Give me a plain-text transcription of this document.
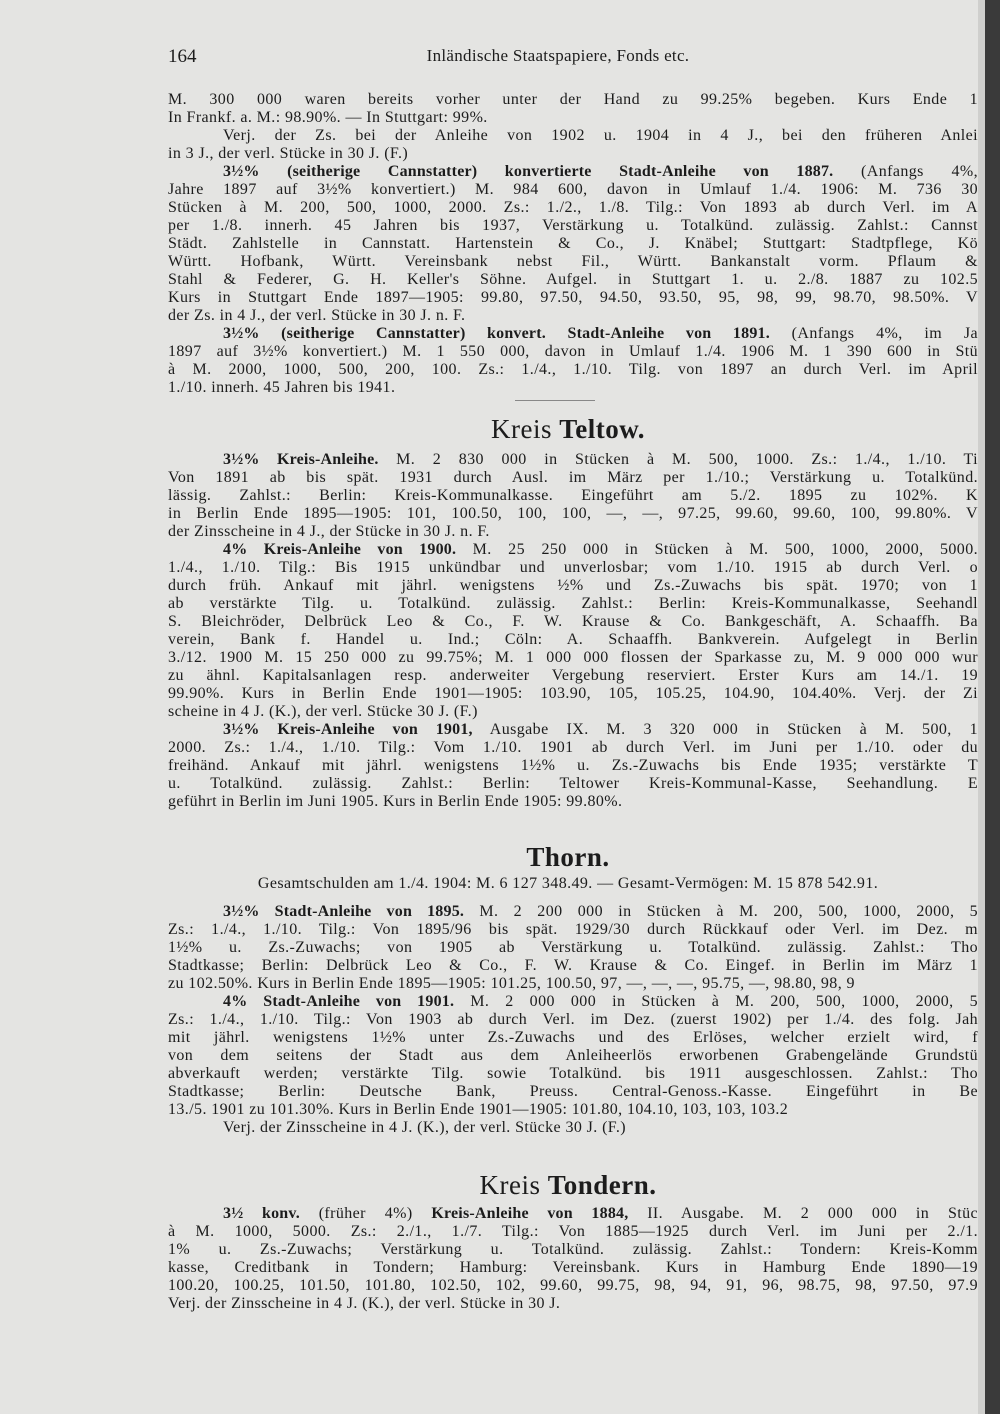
164	Inländische Staatspapiere, Fonds etc.
M. 300 000 waren bereits vorher unter der Hand zu 99.25% begeben. Kurs Ende 1
In Frankf. a. M.: 98.90%. — In Stuttgart: 99%.
Verj. der Zs. bei der Anleihe von 1902 u. 1904 in 4 J., bei den früheren Anlei
in 3 J., der verl. Stücke in 30 J. (F.)
3½% (seitherige Cannstatter) konvertierte Stadt-Anleihe von 1887. (Anfangs 4%,
Jahre 1897 auf 3½% konvertiert.) M. 984 600, davon in Umlauf 1./4. 1906: M. 736 30
Stücken à M. 200, 500, 1000, 2000. Zs.: 1./2., 1./8. Tilg.: Von 1893 ab durch Verl. im A
per 1./8. innerh. 45 Jahren bis 1937, Verstärkung u. Totalkünd. zulässig. Zahlst.: Cannst
Städt. Zahlstelle in Cannstatt. Hartenstein & Co., J. Knäbel; Stuttgart: Stadtpflege, Kö
Württ. Hofbank, Württ. Vereinsbank nebst Fil., Württ. Bankanstalt vorm. Pflaum &
Stahl & Federer, G. H. Keller's Söhne. Aufgel. in Stuttgart 1. u. 2./8. 1887 zu 102.5
Kurs in Stuttgart Ende 1897—1905: 99.80, 97.50, 94.50, 93.50, 95, 98, 99, 98.70, 98.50%. V
der Zs. in 4 J., der verl. Stücke in 30 J. n. F.
3½% (seitherige Cannstatter) konvert. Stadt-Anleihe von 1891. (Anfangs 4%, im Ja
1897 auf 3½% konvertiert.) M. 1 550 000, davon in Umlauf 1./4. 1906 M. 1 390 600 in Stü
à M. 2000, 1000, 500, 200, 100. Zs.: 1./4., 1./10. Tilg. von 1897 an durch Verl. im April
1./10. innerh. 45 Jahren bis 1941.
Kreis Teltow.
3½% Kreis-Anleihe. M. 2 830 000 in Stücken à M. 500, 1000. Zs.: 1./4., 1./10. Ti
Von 1891 ab bis spät. 1931 durch Ausl. im März per 1./10.; Verstärkung u. Totalkünd.
lässig. Zahlst.: Berlin: Kreis-Kommunalkasse. Eingeführt am 5./2. 1895 zu 102%. K
in Berlin Ende 1895—1905: 101, 100.50, 100, 100, —, —, 97.25, 99.60, 99.60, 100, 99.80%. V
der Zinsscheine in 4 J., der Stücke in 30 J. n. F.
4% Kreis-Anleihe von 1900. M. 25 250 000 in Stücken à M. 500, 1000, 2000, 5000.
1./4., 1./10. Tilg.: Bis 1915 unkündbar und unverlosbar; vom 1./10. 1915 ab durch Verl. o
durch früh. Ankauf mit jährl. wenigstens ½% und Zs.-Zuwachs bis spät. 1970; von 1
ab verstärkte Tilg. u. Totalkünd. zulässig. Zahlst.: Berlin: Kreis-Kommunalkasse, Seehandl
S. Bleichröder, Delbrück Leo & Co., F. W. Krause & Co. Bankgeschäft, A. Schaaffh. Ba
verein, Bank f. Handel u. Ind.; Cöln: A. Schaaffh. Bankverein. Aufgelegt in Berlin
3./12. 1900 M. 15 250 000 zu 99.75%; M. 1 000 000 flossen der Sparkasse zu, M. 9 000 000 wur
zu ähnl. Kapitalsanlagen resp. anderweiter Vergebung reserviert. Erster Kurs am 14./1. 19
99.90%. Kurs in Berlin Ende 1901—1905: 103.90, 105, 105.25, 104.90, 104.40%. Verj. der Zi
scheine in 4 J. (K.), der verl. Stücke 30 J. (F.)
3½% Kreis-Anleihe von 1901, Ausgabe IX. M. 3 320 000 in Stücken à M. 500, 1
2000. Zs.: 1./4., 1./10. Tilg.: Vom 1./10. 1901 ab durch Verl. im Juni per 1./10. oder du
freihänd. Ankauf mit jährl. wenigstens 1½% u. Zs.-Zuwachs bis Ende 1935; verstärkte T
u. Totalkünd. zulässig. Zahlst.: Berlin: Teltower Kreis-Kommunal-Kasse, Seehandlung. E
geführt in Berlin im Juni 1905. Kurs in Berlin Ende 1905: 99.80%.
Thorn.
Gesamtschulden am 1./4. 1904: M. 6 127 348.49. — Gesamt-Vermögen: M. 15 878 542.91.
3½% Stadt-Anleihe von 1895. M. 2 200 000 in Stücken à M. 200, 500, 1000, 2000, 5
Zs.: 1./4., 1./10. Tilg.: Von 1895/96 bis spät. 1929/30 durch Rückkauf oder Verl. im Dez. m
1½% u. Zs.-Zuwachs; von 1905 ab Verstärkung u. Totalkünd. zulässig. Zahlst.: Tho
Stadtkasse; Berlin: Delbrück Leo & Co., F. W. Krause & Co. Eingef. in Berlin im März 1
zu 102.50%. Kurs in Berlin Ende 1895—1905: 101.25, 100.50, 97, —, —, —, 95.75, —, 98.80, 98, 9
4% Stadt-Anleihe von 1901. M. 2 000 000 in Stücken à M. 200, 500, 1000, 2000, 5
Zs.: 1./4., 1./10. Tilg.: Von 1903 ab durch Verl. im Dez. (zuerst 1902) per 1./4. des folg. Jah
mit jährl. wenigstens 1½% unter Zs.-Zuwachs und des Erlöses, welcher erzielt wird, f
von dem seitens der Stadt aus dem Anleiheerlös erworbenen Grabengelände Grundstü
abverkauft werden; verstärkte Tilg. sowie Totalkünd. bis 1911 ausgeschlossen. Zahlst.: Tho
Stadtkasse; Berlin: Deutsche Bank, Preuss. Central-Genoss.-Kasse. Eingeführt in Be
13./5. 1901 zu 101.30%. Kurs in Berlin Ende 1901—1905: 101.80, 104.10, 103, 103, 103.2
Verj. der Zinsscheine in 4 J. (K.), der verl. Stücke 30 J. (F.)
Kreis Tondern.
3½ konv. (früher 4%) Kreis-Anleihe von 1884, II. Ausgabe. M. 2 000 000 in Stüc
à M. 1000, 5000. Zs.: 2./1., 1./7. Tilg.: Von 1885—1925 durch Verl. im Juni per 2./1.
1% u. Zs.-Zuwachs; Verstärkung u. Totalkünd. zulässig. Zahlst.: Tondern: Kreis-Komm
kasse, Creditbank in Tondern; Hamburg: Vereinsbank. Kurs in Hamburg Ende 1890—19
100.20, 100.25, 101.50, 101.80, 102.50, 102, 99.60, 99.75, 98, 94, 91, 96, 98.75, 98, 97.50, 97.9
Verj. der Zinsscheine in 4 J. (K.), der verl. Stücke in 30 J.
